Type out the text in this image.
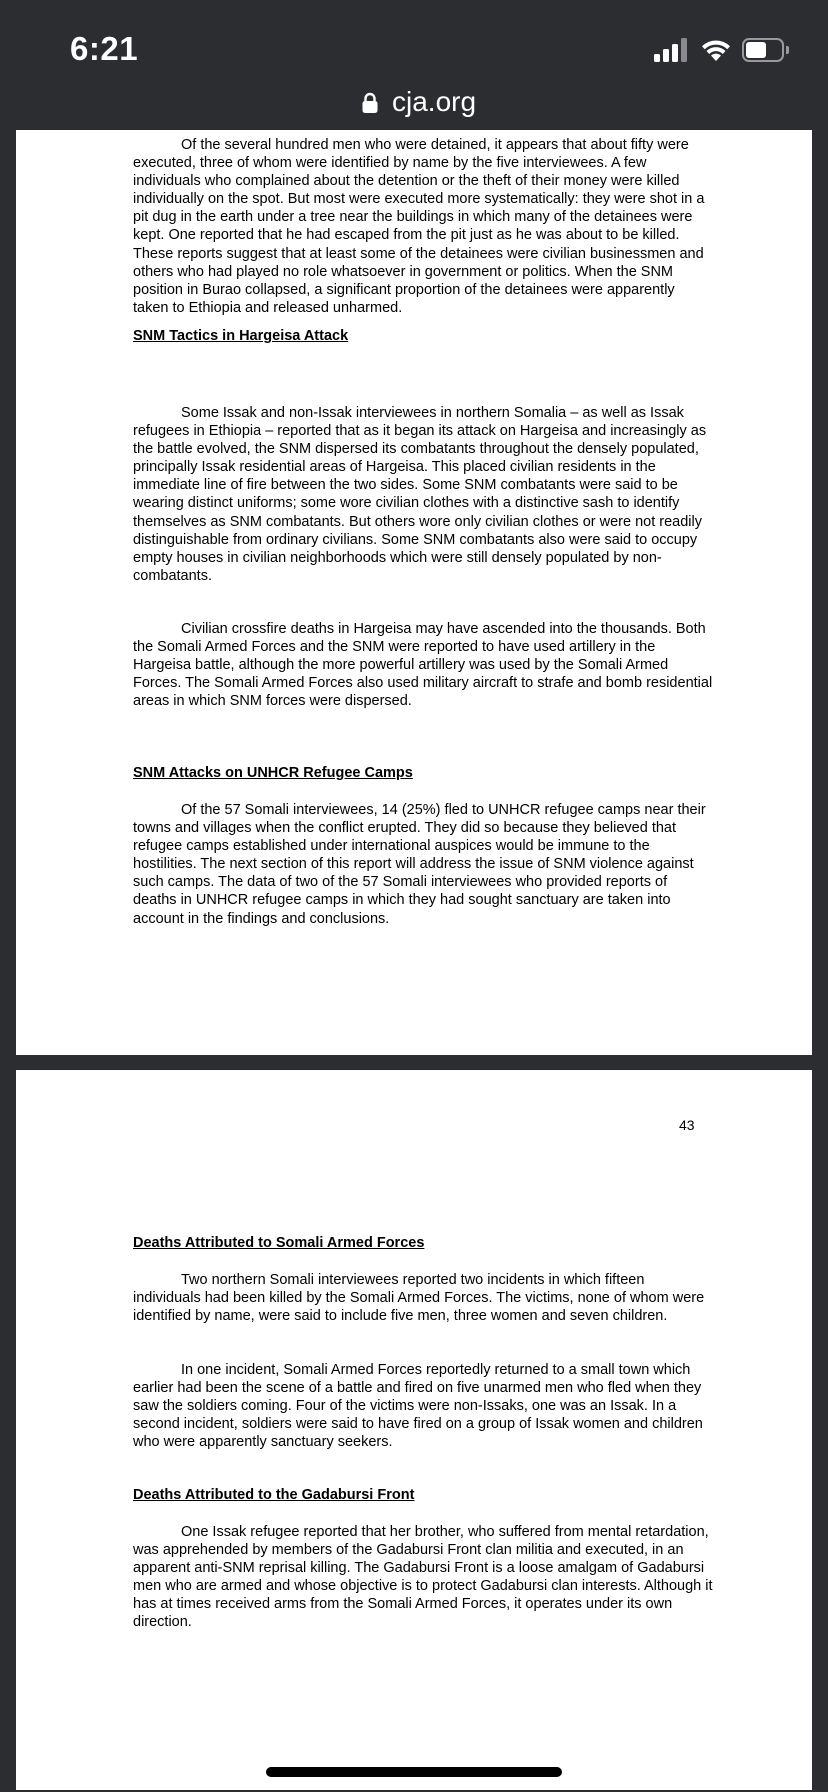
6:21
cja.org

Of the several hundred men who were detained, it appears that about fifty were executed, three of whom were identified by name by the five interviewees. A few individuals who complained about the detention or the theft of their money were killed individually on the spot. But most were executed more systematically: they were shot in a pit dug in the earth under a tree near the buildings in which many of the detainees were kept. One reported that he had escaped from the pit just as he was about to be killed. These reports suggest that at least some of the detainees were civilian businessmen and others who had played no role whatsoever in government or politics. When the SNM position in Burao collapsed, a significant proportion of the detainees were apparently taken to Ethiopia and released unharmed.

SNM Tactics in Hargeisa Attack

Some Issak and non-Issak interviewees in northern Somalia – as well as Issak refugees in Ethiopia – reported that as it began its attack on Hargeisa and increasingly as the battle evolved, the SNM dispersed its combatants throughout the densely populated, principally Issak residential areas of Hargeisa. This placed civilian residents in the immediate line of fire between the two sides. Some SNM combatants were said to be wearing distinct uniforms; some wore civilian clothes with a distinctive sash to identify themselves as SNM combatants. But others wore only civilian clothes or were not readily distinguishable from ordinary civilians. Some SNM combatants also were said to occupy empty houses in civilian neighborhoods which were still densely populated by non-combatants.

Civilian crossfire deaths in Hargeisa may have ascended into the thousands. Both the Somali Armed Forces and the SNM were reported to have used artillery in the Hargeisa battle, although the more powerful artillery was used by the Somali Armed Forces. The Somali Armed Forces also used military aircraft to strafe and bomb residential areas in which SNM forces were dispersed.

SNM Attacks on UNHCR Refugee Camps

Of the 57 Somali interviewees, 14 (25%) fled to UNHCR refugee camps near their towns and villages when the conflict erupted. They did so because they believed that refugee camps established under international auspices would be immune to the hostilities. The next section of this report will address the issue of SNM violence against such camps. The data of two of the 57 Somali interviewees who provided reports of deaths in UNHCR refugee camps in which they had sought sanctuary are taken into account in the findings and conclusions.

43
Deaths Attributed to Somali Armed Forces

Two northern Somali interviewees reported two incidents in which fifteen individuals had been killed by the Somali Armed Forces. The victims, none of whom were identified by name, were said to include five men, three women and seven children.

In one incident, Somali Armed Forces reportedly returned to a small town which earlier had been the scene of a battle and fired on five unarmed men who fled when they saw the soldiers coming. Four of the victims were non-Issaks, one was an Issak. In a second incident, soldiers were said to have fired on a group of Issak women and children who were apparently sanctuary seekers.

Deaths Attributed to the Gadabursi Front

One Issak refugee reported that her brother, who suffered from mental retardation, was apprehended by members of the Gadabursi Front clan militia and executed, in an apparent anti-SNM reprisal killing. The Gadabursi Front is a loose amalgam of Gadabursi men who are armed and whose objective is to protect Gadabursi clan interests. Although it has at times received arms from the Somali Armed Forces, it operates under its own direction.
